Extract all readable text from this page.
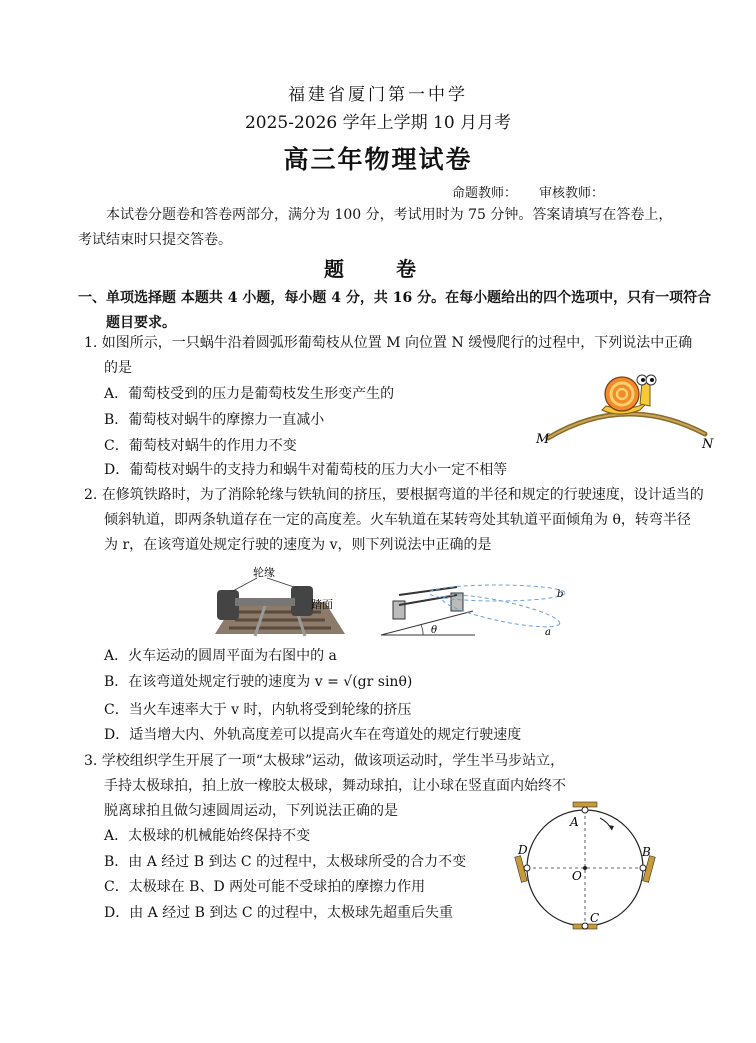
福建省厦门第一中学
2025-2026 学年上学期 10 月月考
高三年物理试卷
命题教师： 审核教师：
本试卷分题卷和答卷两部分，满分为 100 分，考试用时为 75 分钟。答案请填写在答卷上，考试结束时只提交答卷。
题　卷
一、单项选择题 本题共 4 小题，每小题 4 分，共 16 分。在每小题给出的四个选项中，只有一项符合题目要求。
1. 如图所示，一只蜗牛沿着圆弧形葡萄枝从位置 M 向位置 N 缓慢爬行的过程中，下列说法中正确的是
A．葡萄枝受到的压力是葡萄枝发生形变产生的
B．葡萄枝对蜗牛的摩擦力一直减小
C．葡萄枝对蜗牛的作用力不变
D．葡萄枝对蜗牛的支持力和蜗牛对葡萄枝的压力大小一定不相等
M	N
2. 在修筑铁路时，为了消除轮缘与铁轨间的挤压，要根据弯道的半径和规定的行驶速度，设计适当的倾斜轨道，即两条轨道存在一定的高度差。火车轨道在某转弯处其轨道平面倾角为 θ，转弯半径为 r，在该弯道处规定行驶的速度为 v，则下列说法中正确的是
轮缘
踏面
θ
b
a
A．火车运动的圆周平面为右图中的 a
B．在该弯道处规定行驶的速度为 v = √(gr sinθ)
C．当火车速率大于 v 时，内轨将受到轮缘的挤压
D．适当增大内、外轨高度差可以提高火车在弯道处的规定行驶速度
3. 学校组织学生开展了一项“太极球”运动，做该项运动时，学生半马步站立，手持太极球拍，拍上放一橡胶太极球，舞动球拍，让小球在竖直面内始终不脱离球拍且做匀速圆周运动，下列说法正确的是
A．太极球的机械能始终保持不变
B．由 A 经过 B 到达 C 的过程中，太极球所受的合力不变
C．太极球在 B、D 两处可能不受球拍的摩擦力作用
D．由 A 经过 B 到达 C 的过程中，太极球先超重后失重
A
B
C
D
O
